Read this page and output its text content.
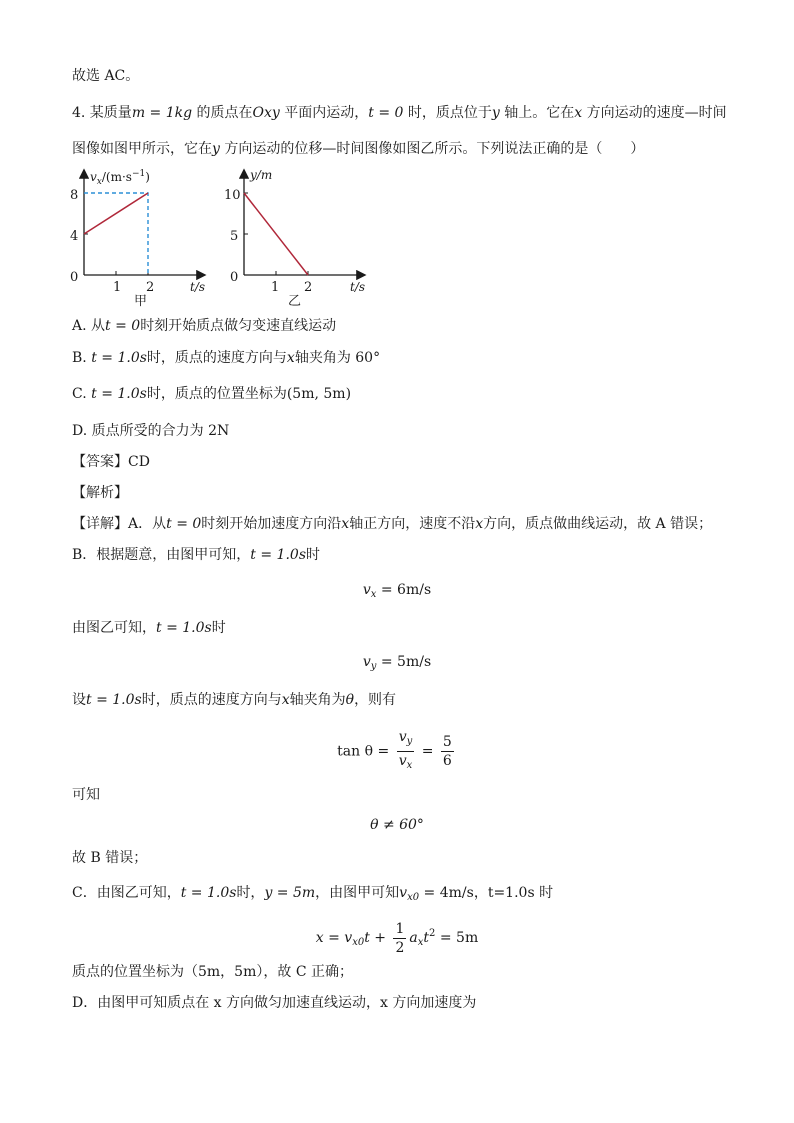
故选 AC。
4. 某质量m = 1kg 的质点在Oxy 平面内运动，t = 0 时，质点位于y 轴上。它在x 方向运动的速度—时间
图像如图甲所示，它在y 方向运动的位移—时间图像如图乙所示。下列说法正确的是（　　）
$v_x/(m\cdot s^{-1})$
8
4
0
1 2	t/s
甲
y/m
10
5
0
1 2	t/s
乙
A. 从t = 0时刻开始质点做匀变速直线运动
B. t = 1.0s时，质点的速度方向与x轴夹角为 60°
C. t = 1.0s时，质点的位置坐标为(5m, 5m)
D. 质点所受的合力为 2N
【答案】CD
【解析】
【详解】A．从t = 0时刻开始加速度方向沿x轴正方向，速度不沿x方向，质点做曲线运动，故 A 错误；
B．根据题意，由图甲可知，t = 1.0s时
$v_x = 6m/s$
由图乙可知，t = 1.0s时
$v_y = 5m/s$
设t = 1.0s时，质点的速度方向与x轴夹角为θ，则有
$\tan \theta = \frac{v_y}{v_x} = \frac{5}{6}$
可知
θ ≠ 60°
故 B 错误；
C．由图乙可知，t = 1.0s时，y = 5m，由图甲可知$v_{x0} = 4m/s$，t=1.0s 时
$x = v_{x0}t + \frac{1}{2} a_xt^2 = 5m$
质点的位置坐标为（5m，5m），故 C 正确；
D．由图甲可知质点在 x 方向做匀加速直线运动，x 方向加速度为
